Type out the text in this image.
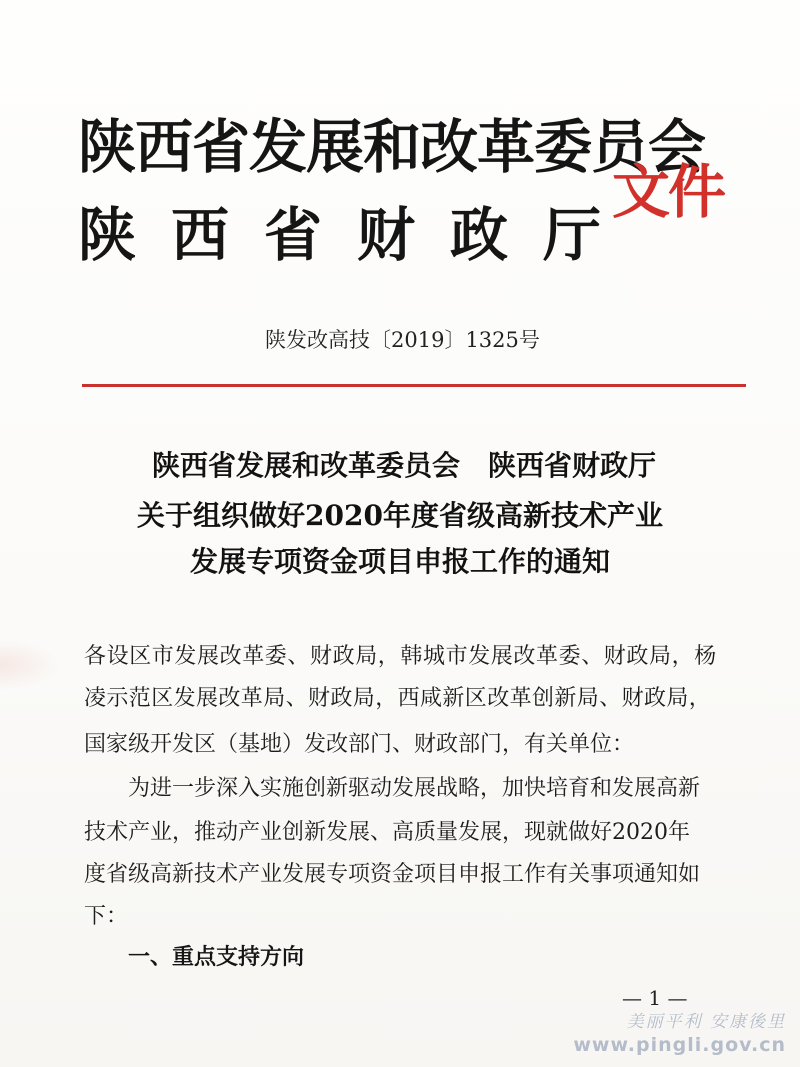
陕西省发展和改革委员会
陕西省财政厅
文件
陕发改高技〔2019〕1325号
陕西省发展和改革委员会　陕西省财政厅
关于组织做好2020年度省级高新技术产业
发展专项资金项目申报工作的通知
各设区市发展改革委、财政局，韩城市发展改革委、财政局，杨
凌示范区发展改革局、财政局，西咸新区改革创新局、财政局，
国家级开发区（基地）发改部门、财政部门，有关单位：
为进一步深入实施创新驱动发展战略，加快培育和发展高新
技术产业，推动产业创新发展、高质量发展，现就做好2020年
度省级高新技术产业发展专项资金项目申报工作有关事项通知如
下：
一、重点支持方向
— 1 —
美丽平利 安康後里
www.pingli.gov.cn
